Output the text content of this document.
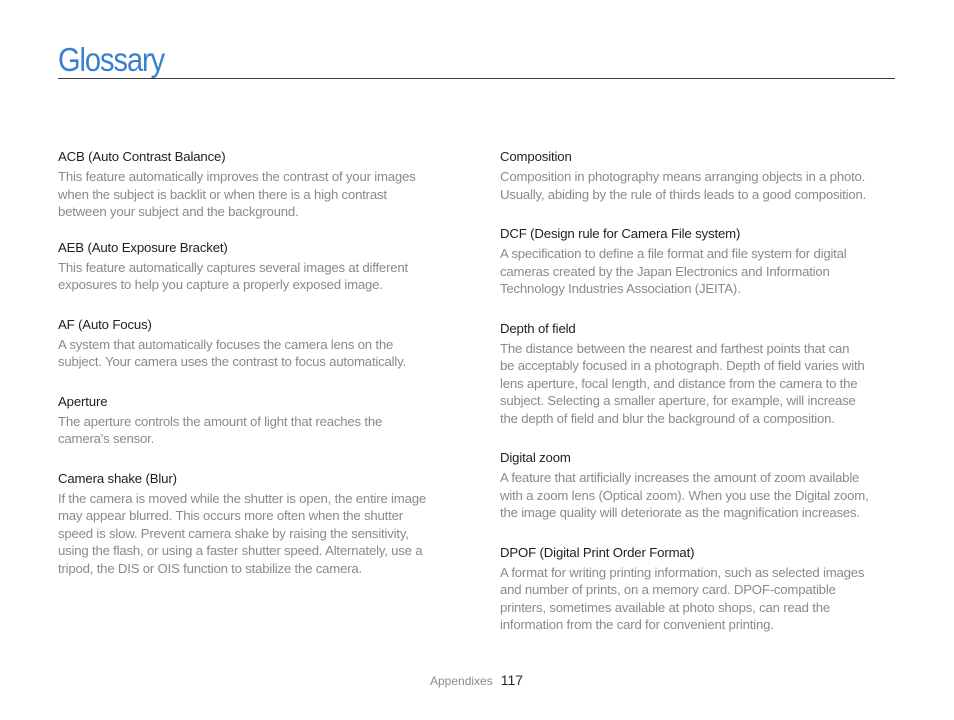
Glossary

ACB (Auto Contrast Balance)

This feature automatically improves the contrast of your images
when the subject is backlit or when there is a high contrast
between your subject and the background.

AEB (Auto Exposure Bracket)

This feature automatically captures several images at different
exposures to help you capture a properly exposed image.

AF (Auto Focus)

A system that automatically focuses the camera lens on the
subject. Your camera uses the contrast to focus automatically.

Aperture

The aperture controls the amount of light that reaches the
camera's sensor.

Camera shake (Blur)

If the camera is moved while the shutter is open, the entire image
may appear blurred. This occurs more often when the shutter
speed is slow. Prevent camera shake by raising the sensitivity,
using the flash, or using a faster shutter speed. Alternately, use a
tripod, the DIS or OIS function to stabilize the camera.

Composition

Composition in photography means arranging objects in a photo.
Usually, abiding by the rule of thirds leads to a good composition.

DCF (Design rule for Camera File system)

A specification to define a file format and file system for digital
cameras created by the Japan Electronics and Information
Technology Industries Association (JEITA).

Depth of field

The distance between the nearest and farthest points that can
be acceptably focused in a photograph. Depth of field varies with
lens aperture, focal length, and distance from the camera to the
subject. Selecting a smaller aperture, for example, will increase
the depth of field and blur the background of a composition.

Digital zoom

A feature that artificially increases the amount of zoom available
with a zoom lens (Optical zoom). When you use the Digital zoom,
the image quality will deteriorate as the magnification increases.

DPOF (Digital Print Order Format)

A format for writing printing information, such as selected images
and number of prints, on a memory card. DPOF-compatible
printers, sometimes available at photo shops, can read the
information from the card for convenient printing.

Appendixes 117
